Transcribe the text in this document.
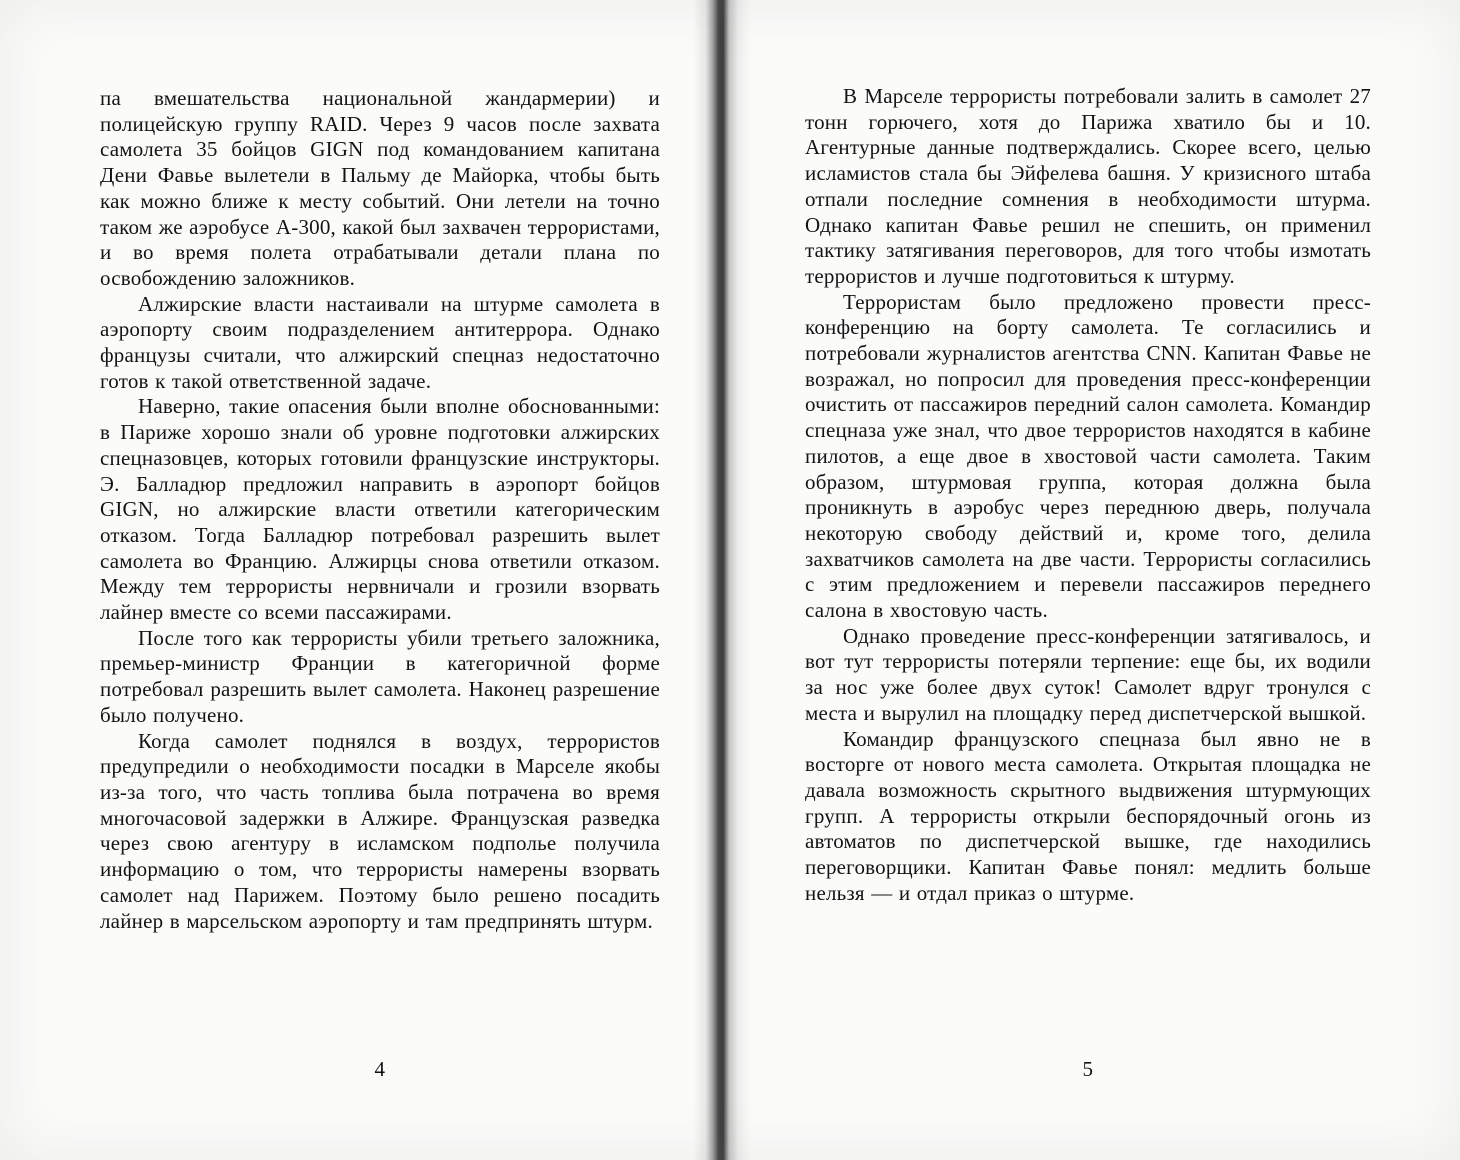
па вмешательства национальной жандармерии) и полицейскую группу RAID. Через 9 часов после захвата самолета 35 бойцов GIGN под командованием капитана Дени Фавье вылетели в Пальму де Майорка, чтобы быть как можно ближе к месту событий. Они летели на точно таком же аэробусе А-300, какой был захвачен террористами, и во время полета отрабатывали детали плана по освобождению заложников.

Алжирские власти настаивали на штурме самолета в аэропорту своим подразделением антитеррора. Однако французы считали, что алжирский спецназ недостаточно готов к такой ответственной задаче.

Наверно, такие опасения были вполне обоснованными: в Париже хорошо знали об уровне подготовки алжирских спецназовцев, которых готовили французские инструкторы. Э. Балладюр предложил направить в аэропорт бойцов GIGN, но алжирские власти ответили категорическим отказом. Тогда Балладюр потребовал разрешить вылет самолета во Францию. Алжирцы снова ответили отказом. Между тем террористы нервничали и грозили взорвать лайнер вместе со всеми пассажирами.

После того как террористы убили третьего заложника, премьер-министр Франции в категоричной форме потребовал разрешить вылет самолета. Наконец разрешение было получено.

Когда самолет поднялся в воздух, террористов предупредили о необходимости посадки в Марселе якобы из-за того, что часть топлива была потрачена во время многочасовой задержки в Алжире. Французская разведка через свою агентуру в исламском подполье получила информацию о том, что террористы намерены взорвать самолет над Парижем. Поэтому было решено посадить лайнер в марсельском аэропорту и там предпринять штурм.

4

В Марселе террористы потребовали залить в самолет 27 тонн горючего, хотя до Парижа хватило бы и 10. Агентурные данные подтверждались. Скорее всего, целью исламистов стала бы Эйфелева башня. У кризисного штаба отпали последние сомнения в необходимости штурма. Однако капитан Фавье решил не спешить, он применил тактику затягивания переговоров, для того чтобы измотать террористов и лучше подготовиться к штурму.

Террористам было предложено провести пресс-конференцию на борту самолета. Те согласились и потребовали журналистов агентства CNN. Капитан Фавье не возражал, но попросил для проведения пресс-конференции очистить от пассажиров передний салон самолета. Командир спецназа уже знал, что двое террористов находятся в кабине пилотов, а еще двое в хвостовой части самолета. Таким образом, штурмовая группа, которая должна была проникнуть в аэробус через переднюю дверь, получала некоторую свободу действий и, кроме того, делила захватчиков самолета на две части. Террористы согласились с этим предложением и перевели пассажиров переднего салона в хвостовую часть.

Однако проведение пресс-конференции затягивалось, и вот тут террористы потеряли терпение: еще бы, их водили за нос уже более двух суток! Самолет вдруг тронулся с места и вырулил на площадку перед диспетчерской вышкой.

Командир французского спецназа был явно не в восторге от нового места самолета. Открытая площадка не давала возможность скрытного выдвижения штурмующих групп. А террористы открыли беспорядочный огонь из автоматов по диспетчерской вышке, где находились переговорщики. Капитан Фавье понял: медлить больше нельзя — и отдал приказ о штурме.

5
